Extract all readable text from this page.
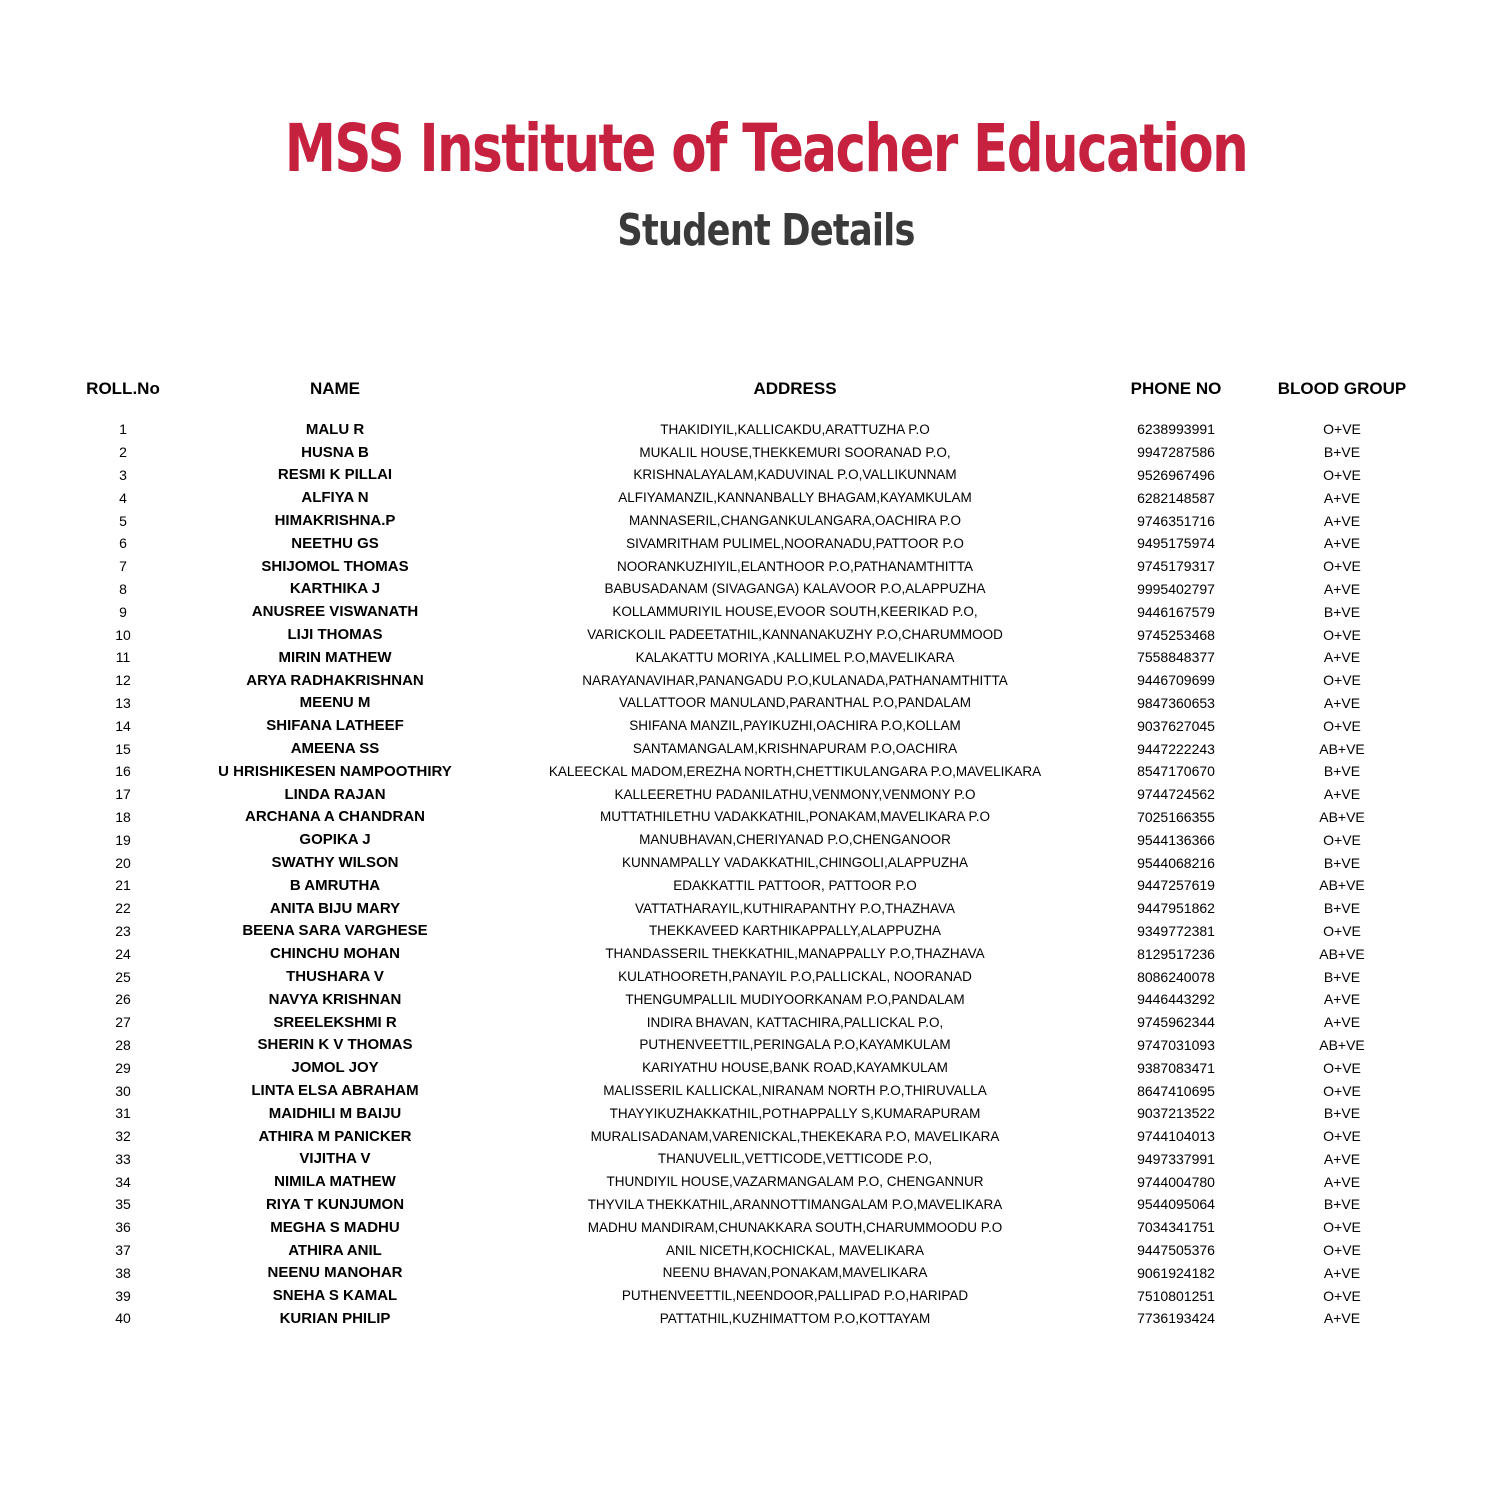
MSS Institute of Teacher Education
Student Details
ROLL.No	NAME	ADDRESS	PHONE NO	BLOOD GROUP
1	MALU R	THAKIDIYIL,KALLICAKDU,ARATTUZHA P.O	6238993991	O+VE
2	HUSNA B	MUKALIL HOUSE,THEKKEMURI SOORANAD P.O,	9947287586	B+VE
3	RESMI K PILLAI	KRISHNALAYALAM,KADUVINAL P.O,VALLIKUNNAM	9526967496	O+VE
4	ALFIYA N	ALFIYAMANZIL,KANNANBALLY BHAGAM,KAYAMKULAM	6282148587	A+VE
5	HIMAKRISHNA.P	MANNASERIL,CHANGANKULANGARA,OACHIRA P.O	9746351716	A+VE
6	NEETHU GS	SIVAMRITHAM PULIMEL,NOORANADU,PATTOOR P.O	9495175974	A+VE
7	SHIJOMOL THOMAS	NOORANKUZHIYIL,ELANTHOOR P.O,PATHANAMTHITTA	9745179317	O+VE
8	KARTHIKA J	BABUSADANAM (SIVAGANGA) KALAVOOR P.O,ALAPPUZHA	9995402797	A+VE
9	ANUSREE VISWANATH	KOLLAMMURIYIL HOUSE,EVOOR SOUTH,KEERIKAD P.O,	9446167579	B+VE
10	LIJI THOMAS	VARICKOLIL PADEETATHIL,KANNANAKUZHY P.O,CHARUMMOOD	9745253468	O+VE
11	MIRIN MATHEW	KALAKATTU MORIYA ,KALLIMEL P.O,MAVELIKARA	7558848377	A+VE
12	ARYA RADHAKRISHNAN	NARAYANAVIHAR,PANANGADU P.O,KULANADA,PATHANAMTHITTA	9446709699	O+VE
13	MEENU M	VALLATTOOR MANULAND,PARANTHAL P.O,PANDALAM	9847360653	A+VE
14	SHIFANA LATHEEF	SHIFANA MANZIL,PAYIKUZHI,OACHIRA P.O,KOLLAM	9037627045	O+VE
15	AMEENA SS	SANTAMANGALAM,KRISHNAPURAM P.O,OACHIRA	9447222243	AB+VE
16	U HRISHIKESEN NAMPOOTHIRY	KALEECKAL MADOM,EREZHA NORTH,CHETTIKULANGARA P.O,MAVELIKARA	8547170670	B+VE
17	LINDA RAJAN	KALLEERETHU PADANILATHU,VENMONY,VENMONY P.O	9744724562	A+VE
18	ARCHANA A CHANDRAN	MUTTATHILETHU VADAKKATHIL,PONAKAM,MAVELIKARA P.O	7025166355	AB+VE
19	GOPIKA J	MANUBHAVAN,CHERIYANAD P.O,CHENGANOOR	9544136366	O+VE
20	SWATHY WILSON	KUNNAMPALLY VADAKKATHIL,CHINGOLI,ALAPPUZHA	9544068216	B+VE
21	B AMRUTHA	EDAKKATTIL PATTOOR, PATTOOR P.O	9447257619	AB+VE
22	ANITA BIJU MARY	VATTATHARAYIL,KUTHIRAPANTHY P.O,THAZHAVA	9447951862	B+VE
23	BEENA SARA VARGHESE	THEKKAVEED KARTHIKAPPALLY,ALAPPUZHA	9349772381	O+VE
24	CHINCHU MOHAN	THANDASSERIL THEKKATHIL,MANAPPALLY P.O,THAZHAVA	8129517236	AB+VE
25	THUSHARA V	KULATHOORETH,PANAYIL P.O,PALLICKAL, NOORANAD	8086240078	B+VE
26	NAVYA KRISHNAN	THENGUMPALLIL MUDIYOORKANAM P.O,PANDALAM	9446443292	A+VE
27	SREELEKSHMI R	INDIRA BHAVAN, KATTACHIRA,PALLICKAL P.O,	9745962344	A+VE
28	SHERIN K V THOMAS	PUTHENVEETTIL,PERINGALA P.O,KAYAMKULAM	9747031093	AB+VE
29	JOMOL JOY	KARIYATHU HOUSE,BANK ROAD,KAYAMKULAM	9387083471	O+VE
30	LINTA ELSA ABRAHAM	MALISSERIL KALLICKAL,NIRANAM NORTH P.O,THIRUVALLA	8647410695	O+VE
31	MAIDHILI M BAIJU	THAYYIKUZHAKKATHIL,POTHAPPALLY S,KUMARAPURAM	9037213522	B+VE
32	ATHIRA M PANICKER	MURALISADANAM,VARENICKAL,THEKEKARA P.O, MAVELIKARA	9744104013	O+VE
33	VIJITHA V	THANUVELIL,VETTICODE,VETTICODE P.O,	9497337991	A+VE
34	NIMILA MATHEW	THUNDIYIL HOUSE,VAZARMANGALAM P.O, CHENGANNUR	9744004780	A+VE
35	RIYA T KUNJUMON	THYVILA THEKKATHIL,ARANNOTTIMANGALAM P.O,MAVELIKARA	9544095064	B+VE
36	MEGHA S MADHU	MADHU MANDIRAM,CHUNAKKARA SOUTH,CHARUMMOODU P.O	7034341751	O+VE
37	ATHIRA ANIL	ANIL NICETH,KOCHICKAL, MAVELIKARA	9447505376	O+VE
38	NEENU MANOHAR	NEENU BHAVAN,PONAKAM,MAVELIKARA	9061924182	A+VE
39	SNEHA S KAMAL	PUTHENVEETTIL,NEENDOOR,PALLIPAD P.O,HARIPAD	7510801251	O+VE
40	KURIAN PHILIP	PATTATHIL,KUZHIMATTOM P.O,KOTTAYAM	7736193424	A+VE
